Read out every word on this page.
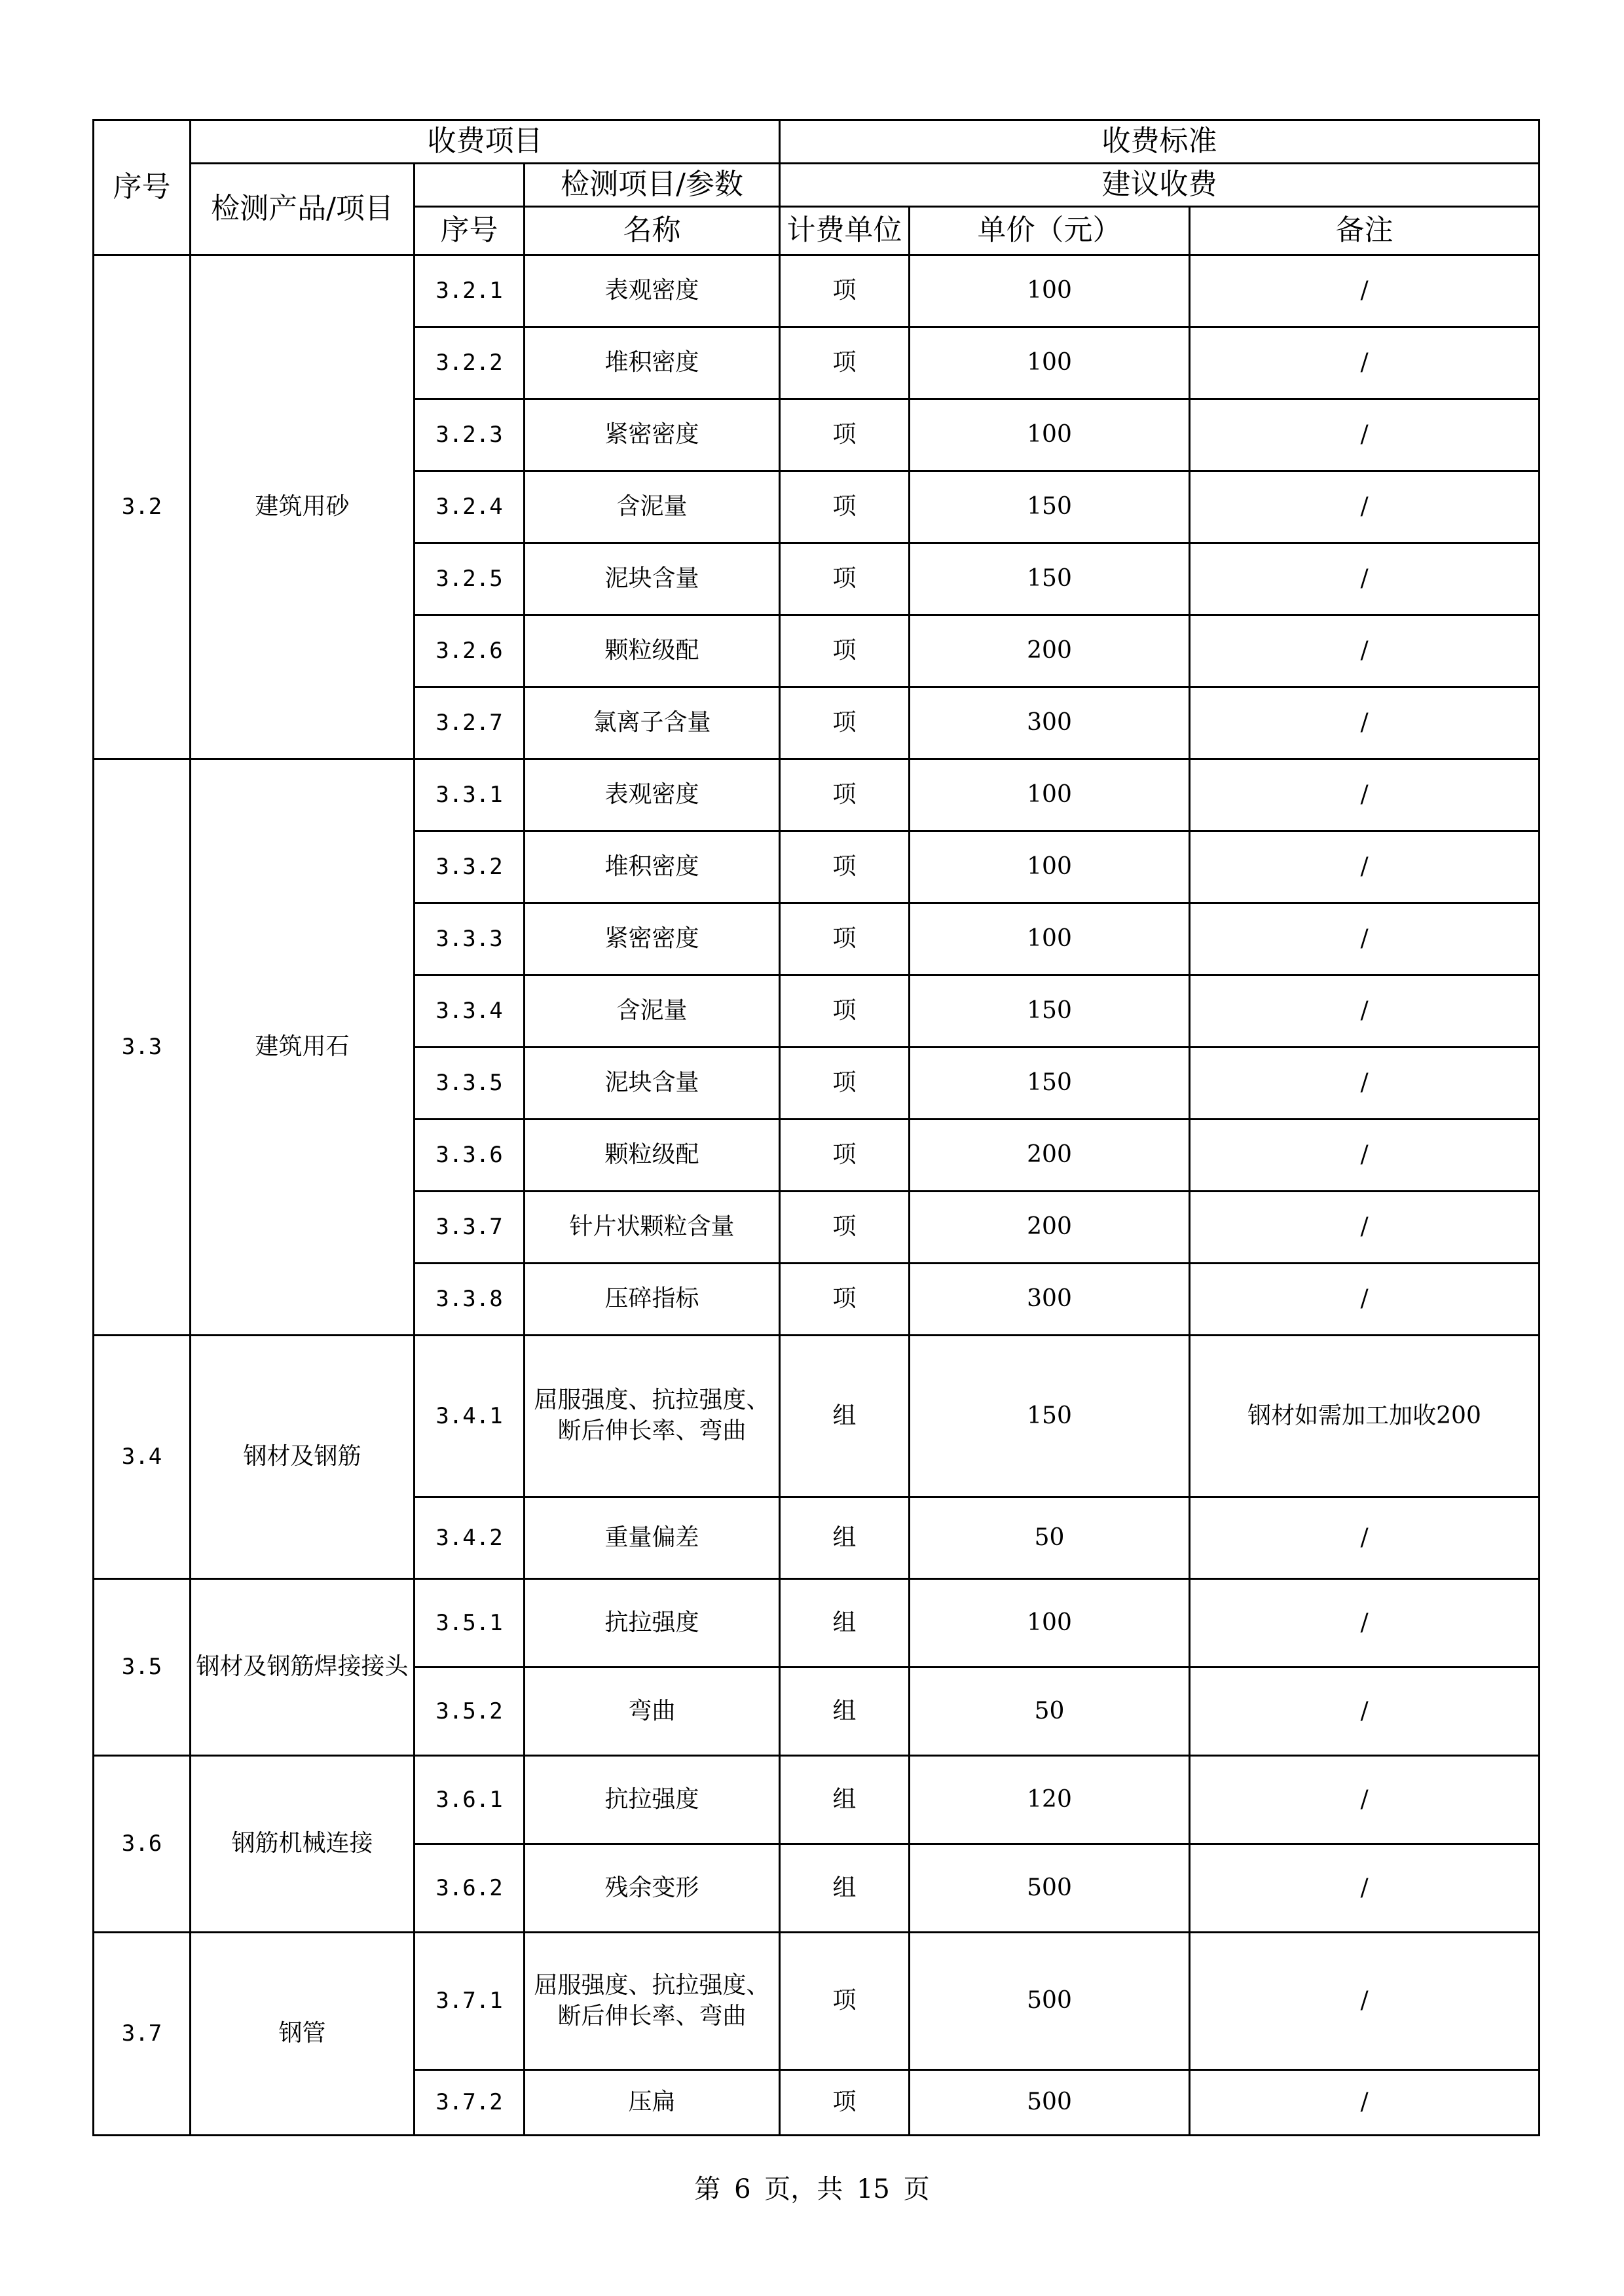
序号	收费项目			收费标准		
	检测产品/项目		检测项目/参数	建议收费		
		序号	名称	计费单位	单价（元）	备注
3.2	建筑用砂	3.2.1	表观密度	项	100	/
		3.2.2	堆积密度	项	100	/
		3.2.3	紧密密度	项	100	/
		3.2.4	含泥量	项	150	/
		3.2.5	泥块含量	项	150	/
		3.2.6	颗粒级配	项	200	/
		3.2.7	氯离子含量	项	300	/
3.3	建筑用石	3.3.1	表观密度	项	100	/
		3.3.2	堆积密度	项	100	/
		3.3.3	紧密密度	项	100	/
		3.3.4	含泥量	项	150	/
		3.3.5	泥块含量	项	150	/
		3.3.6	颗粒级配	项	200	/
		3.3.7	针片状颗粒含量	项	200	/
		3.3.8	压碎指标	项	300	/
3.4	钢材及钢筋	3.4.1	屈服强度、抗拉强度、断后伸长率、弯曲	组	150	钢材如需加工加收200
		3.4.2	重量偏差	组	50	/
3.5	钢材及钢筋焊接接头	3.5.1	抗拉强度	组	100	/
		3.5.2	弯曲	组	50	/
3.6	钢筋机械连接	3.6.1	抗拉强度	组	120	/
		3.6.2	残余变形	组	500	/
3.7	钢管	3.7.1	屈服强度、抗拉强度、断后伸长率、弯曲	项	500	/
		3.7.2	压扁	项	500	/
第 6 页，共 15 页
